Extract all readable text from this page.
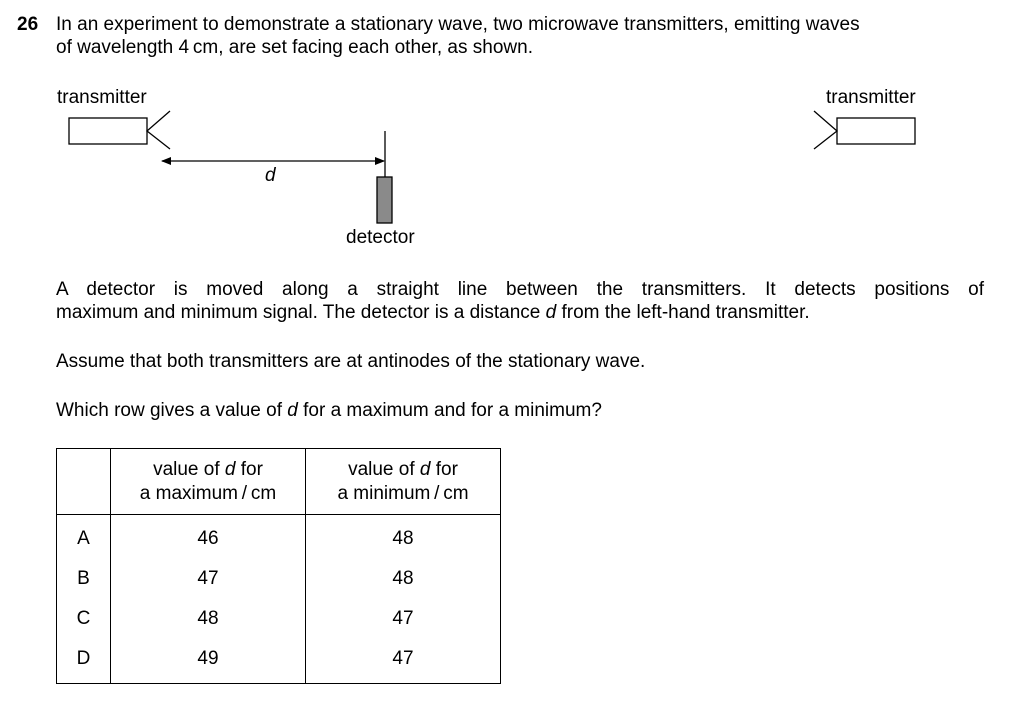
26 In an experiment to demonstrate a stationary wave, two microwave transmitters, emitting waves
of wavelength 4 cm, are set facing each other, as shown.

transmitter	transmitter
d
detector

A detector is moved along a straight line between the transmitters. It detects positions of
maximum and minimum signal. The detector is a distance d from the left-hand transmitter.

Assume that both transmitters are at antinodes of the stationary wave.

Which row gives a value of d for a maximum and for a minimum?

	value of d for
a maximum / cm	value of d for
a minimum / cm
A	46	48
B	47	48
C	48	47
D	49	47
